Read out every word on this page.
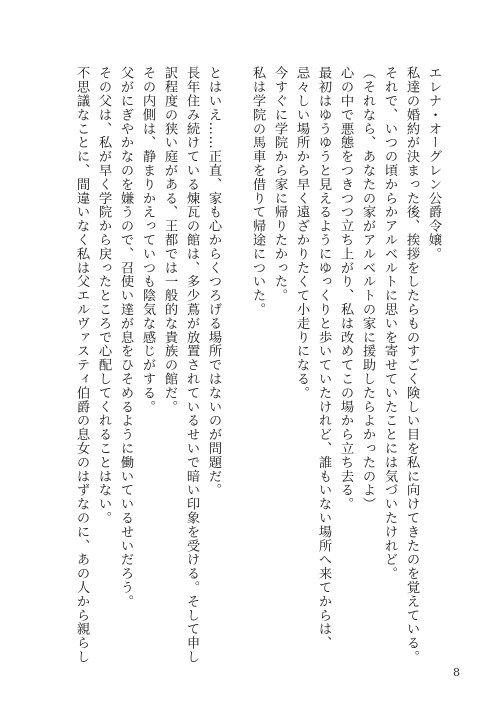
エレナ・オーグレン公爵令嬢。
私達の婚約が決まった後、挨拶をしたらものすごく険しい目を私に向けてきたのを覚えている。
それで、いつの頃からかアルベルトに思いを寄せていたことには気づいたけれど。
（それなら、あなたの家がアルベルトの家に援助したらよかったのよ）
心の中で悪態をつきつつ立ち上がり、私は改めてこの場から立ち去る。
最初はゆうゆうと見えるようにゆっくりと歩いていたけれど、誰もいない場所へ来てからは、
忌々しい場所から早く遠ざかりたくて小走りになる。
今すぐに学院から家に帰りたかった。
私は学院の馬車を借りて帰途についた。
とはいえ……正直、家も心からくつろげる場所ではないのが問題だ。
長年住み続けている煉瓦の館は、多少蔦が放置されているせいで暗い印象を受ける。そして申し
訳程度の狭い庭がある、王都では一般的な貴族の館だ。
その内側は、静まりかえっていつも陰気な感じがする。
父がにぎやかなのを嫌うので、召使い達が息をひそめるように働いているせいだろう。
その父は、私が早く学院から戻ったところで心配してくれることはない。
不思議なことに、間違いなく私は父エルヴァスティ伯爵の息女のはずなのに、あの人から親らし
8
